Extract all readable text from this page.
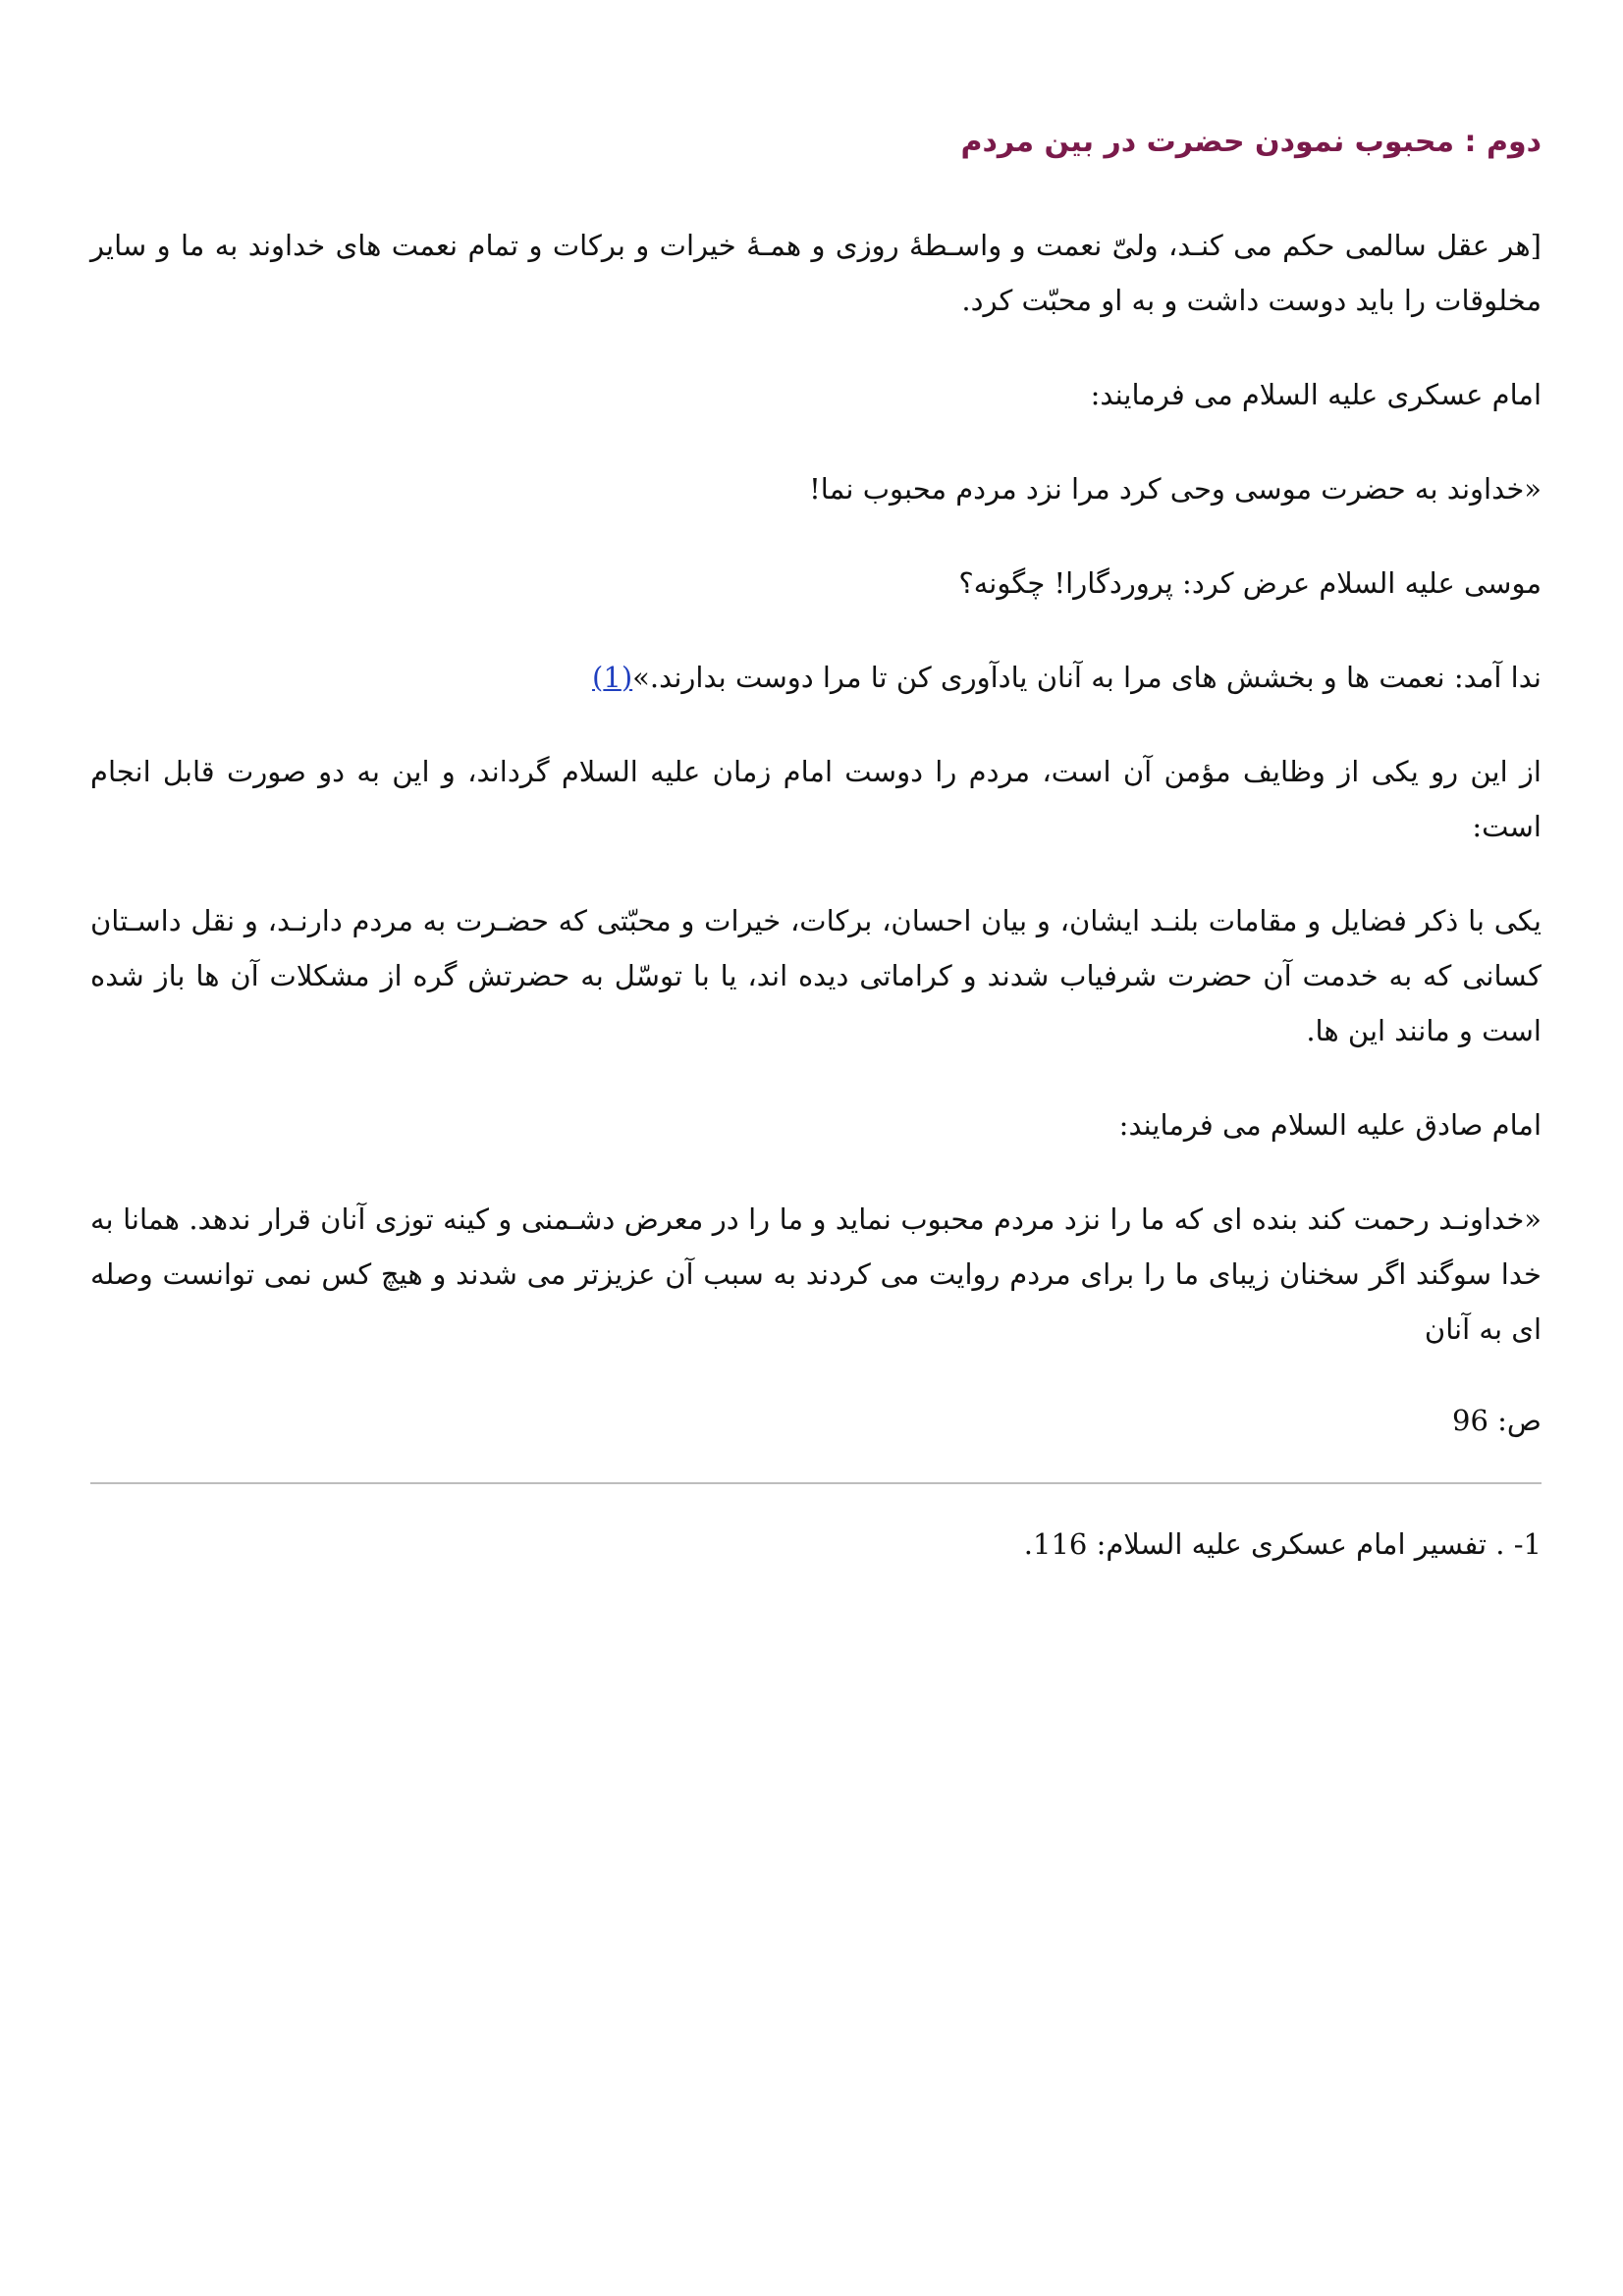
دوم : محبوب نمودن حضرت در بین مردم

[هر عقل سالمی حکم می کنـد، ولیّ نعمت و واسـطهٔ روزی و همـهٔ خیرات و برکات و تمام نعمت های خداوند به ما و سایر مخلوقات را باید دوست داشت و به او محبّت کرد.

امام عسکری علیه السلام می فرمایند:

«خداوند به حضرت موسی وحی کرد مرا نزد مردم محبوب نما!

موسی علیه السلام عرض کرد: پروردگارا! چگونه؟

ندا آمد: نعمت ها و بخشش های مرا به آنان یادآوری کن تا مرا دوست بدارند.»(1)

از این رو یکی از وظایف مؤمن آن است، مردم را دوست امام زمان علیه السلام گرداند، و این به دو صورت قابل انجام است:

یکی با ذکر فضایل و مقامات بلنـد ایشان، و بیان احسان، برکات، خیرات و محبّتی که حضـرت به مردم دارنـد، و نقل داسـتان کسانی که به خدمت آن حضرت شرفیاب شدند و کراماتی دیده اند، یا با توسّل به حضرتش گره از مشکلات آن ها باز شده است و مانند این ها.

امام صادق علیه السلام می فرمایند:

«خداونـد رحمت کند بنده ای که ما را نزد مردم محبوب نماید و ما را در معرض دشـمنی و کینه توزی آنان قرار ندهد. همانا به خدا سوگند اگر سخنان زیبای ما را برای مردم روایت می کردند به سبب آن عزیزتر می شدند و هیچ کس نمی توانست وصله ای به آنان

ص: 96

1- . تفسیر امام عسکری علیه السلام: 116.
